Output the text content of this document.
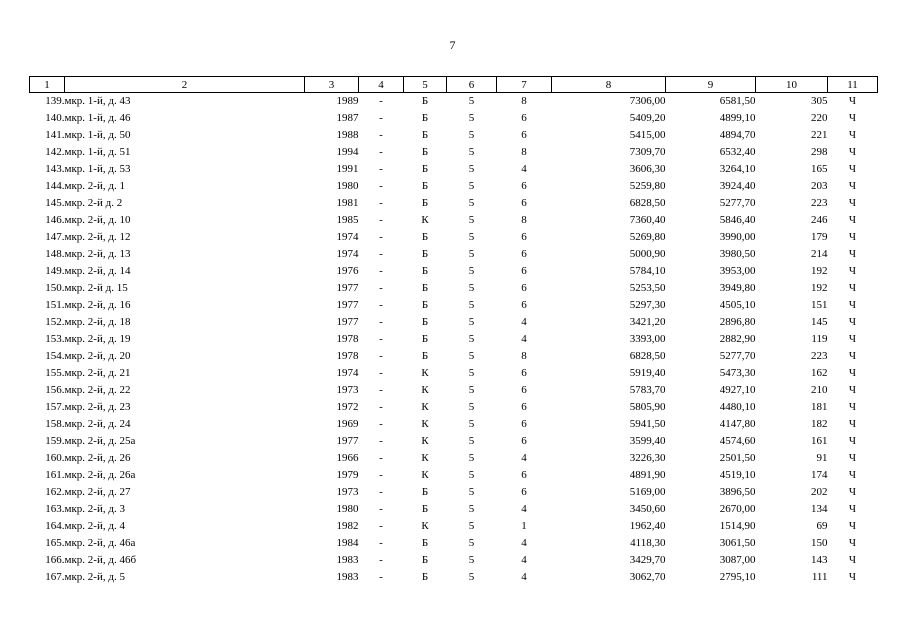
7
1	2	3	4	5	6	7	8	9	10	11
139.	мкр. 1-й, д. 43	1989	-	Б	5	8	7306,00	6581,50	305	Ч
140.	мкр. 1-й, д. 46	1987	-	Б	5	6	5409,20	4899,10	220	Ч
141.	мкр. 1-й, д. 50	1988	-	Б	5	6	5415,00	4894,70	221	Ч
142.	мкр. 1-й, д. 51	1994	-	Б	5	8	7309,70	6532,40	298	Ч
143.	мкр. 1-й, д. 53	1991	-	Б	5	4	3606,30	3264,10	165	Ч
144.	мкр. 2-й, д. 1	1980	-	Б	5	6	5259,80	3924,40	203	Ч
145.	мкр. 2-й д. 2	1981	-	Б	5	6	6828,50	5277,70	223	Ч
146.	мкр. 2-й, д. 10	1985	-	К	5	8	7360,40	5846,40	246	Ч
147.	мкр. 2-й, д. 12	1974	-	Б	5	6	5269,80	3990,00	179	Ч
148.	мкр. 2-й, д. 13	1974	-	Б	5	6	5000,90	3980,50	214	Ч
149.	мкр. 2-й, д. 14	1976	-	Б	5	6	5784,10	3953,00	192	Ч
150.	мкр. 2-й д. 15	1977	-	Б	5	6	5253,50	3949,80	192	Ч
151.	мкр. 2-й, д. 16	1977	-	Б	5	6	5297,30	4505,10	151	Ч
152.	мкр. 2-й, д. 18	1977	-	Б	5	4	3421,20	2896,80	145	Ч
153.	мкр. 2-й, д. 19	1978	-	Б	5	4	3393,00	2882,90	119	Ч
154.	мкр. 2-й, д. 20	1978	-	Б	5	8	6828,50	5277,70	223	Ч
155.	мкр. 2-й, д. 21	1974	-	К	5	6	5919,40	5473,30	162	Ч
156.	мкр. 2-й, д. 22	1973	-	К	5	6	5783,70	4927,10	210	Ч
157.	мкр. 2-й, д. 23	1972	-	К	5	6	5805,90	4480,10	181	Ч
158.	мкр. 2-й, д. 24	1969	-	К	5	6	5941,50	4147,80	182	Ч
159.	мкр. 2-й, д. 25а	1977	-	К	5	6	3599,40	4574,60	161	Ч
160.	мкр. 2-й, д. 26	1966	-	К	5	4	3226,30	2501,50	91	Ч
161.	мкр. 2-й, д. 26а	1979	-	К	5	6	4891,90	4519,10	174	Ч
162.	мкр. 2-й, д. 27	1973	-	Б	5	6	5169,00	3896,50	202	Ч
163.	мкр. 2-й, д. 3	1980	-	Б	5	4	3450,60	2670,00	134	Ч
164.	мкр. 2-й, д. 4	1982	-	К	5	1	1962,40	1514,90	69	Ч
165.	мкр. 2-й, д. 46а	1984	-	Б	5	4	4118,30	3061,50	150	Ч
166.	мкр. 2-й, д. 46б	1983	-	Б	5	4	3429,70	3087,00	143	Ч
167.	мкр. 2-й, д. 5	1983	-	Б	5	4	3062,70	2795,10	111	Ч
